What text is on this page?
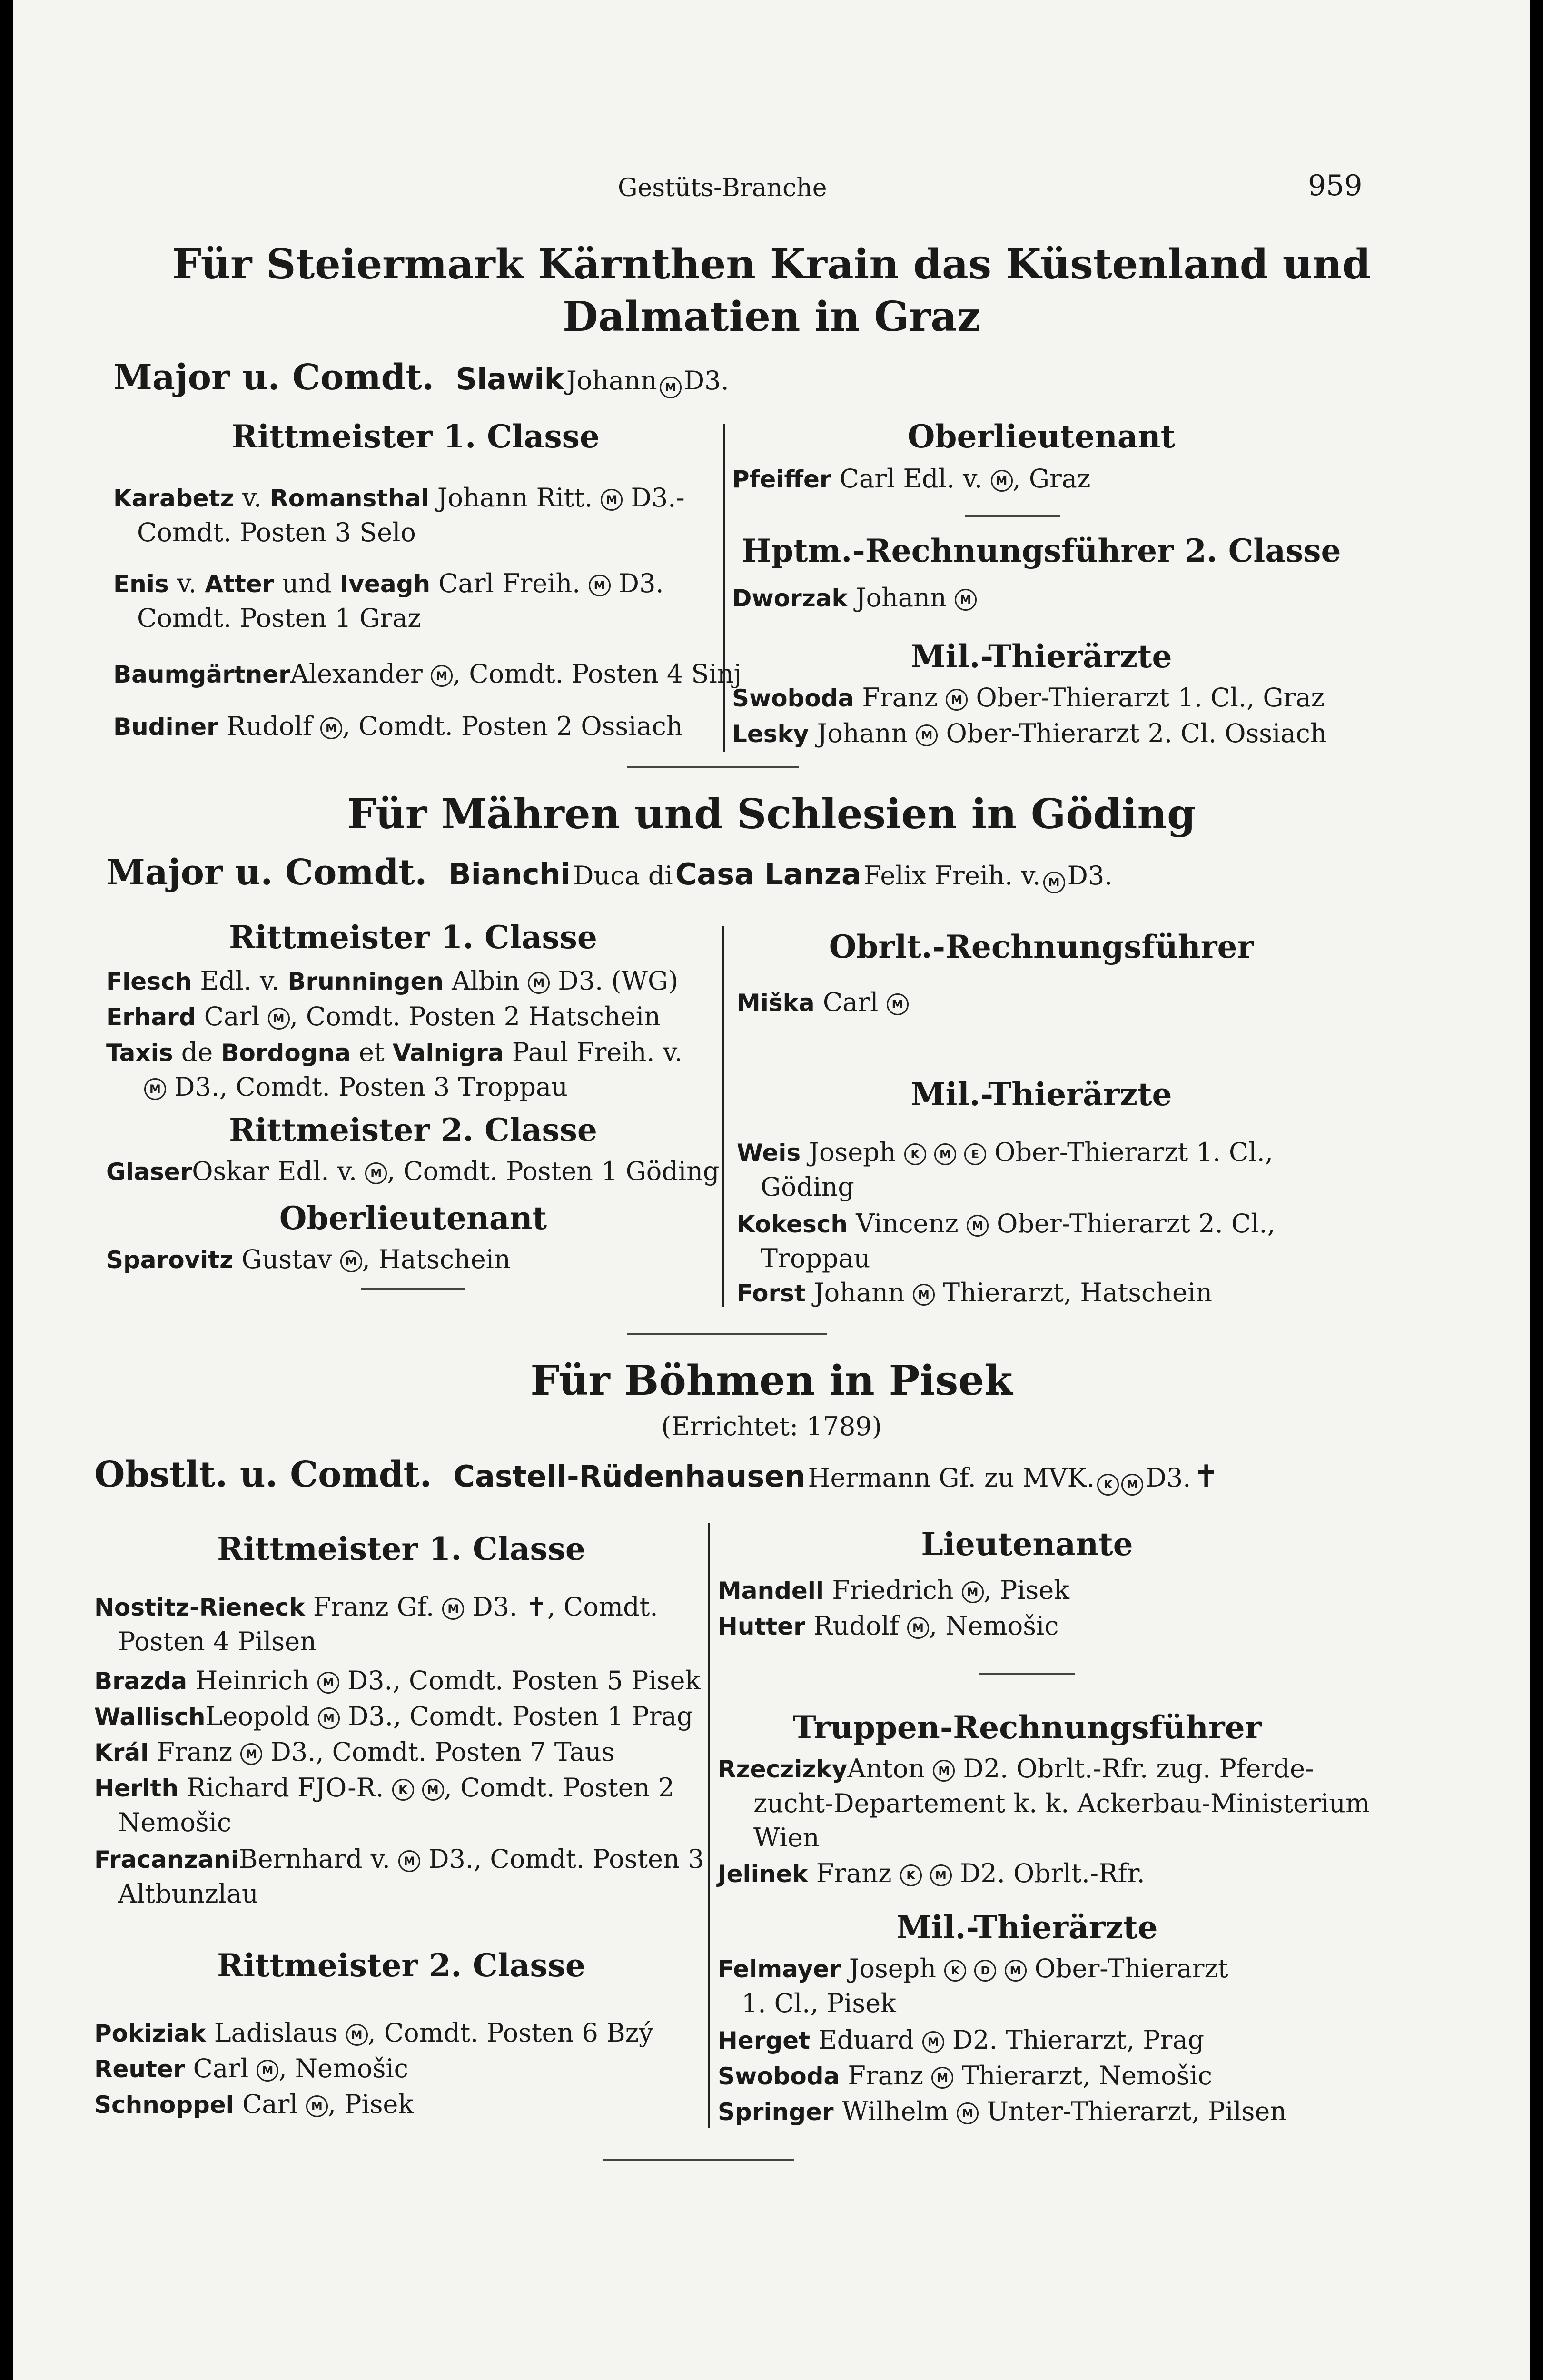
Gestüts-Branche	959
Für Steiermark Kärnthen Krain das Küstenland und
Dalmatien in Graz
Major u. Comdt. Slawik Johann M D3.
Rittmeister 1. Classe
Karabetz v. Romansthal Johann Ritt. M D3.-
Comdt. Posten 3 Selo
Enis v. Atter und Iveagh Carl Freih. M D3.
Comdt. Posten 1 Graz
BaumgärtnerAlexander M , Comdt. Posten 4 Sinj
Budiner Rudolf M , Comdt. Posten 2 Ossiach
Oberlieutenant
Pfeiffer Carl Edl. v. M , Graz
Hptm.-Rechnungsführer 2. Classe
Dworzak Johann M
Mil.-Thierärzte
Swoboda Franz M Ober-Thierarzt 1. Cl., Graz
Lesky Johann M Ober-Thierarzt 2. Cl. Ossiach
Für Mähren und Schlesien in Göding
Major u. Comdt. Bianchi Duca di Casa Lanza Felix Freih. v. M D3.
Rittmeister 1. Classe
Flesch Edl. v. Brunningen Albin M D3. (WG)
Erhard Carl M , Comdt. Posten 2 Hatschein
Taxis de Bordogna et Valnigra Paul Freih. v.
M D3., Comdt. Posten 3 Troppau
Rittmeister 2. Classe
GlaserOskar Edl. v. M , Comdt. Posten 1 Göding
Oberlieutenant
Sparovitz Gustav M , Hatschein
Obrlt.-Rechnungsführer
Miška Carl M
Mil.-Thierärzte
Weis Joseph K M E Ober-Thierarzt 1. Cl.,
Göding
Kokesch Vincenz M Ober-Thierarzt 2. Cl.,
Troppau
Forst Johann M Thierarzt, Hatschein
Für Böhmen in Pisek
(Errichtet: 1789)
Obstlt. u. Comdt. Castell-Rüdenhausen Hermann Gf. zu MVK. K M D3. ✝
Rittmeister 1. Classe
Nostitz-Rieneck Franz Gf. M D3. ✝, Comdt.
Posten 4 Pilsen
Brazda Heinrich M D3., Comdt. Posten 5 Pisek
WallischLeopold M D3., Comdt. Posten 1 Prag
Král Franz M D3., Comdt. Posten 7 Taus
Herlth Richard FJO-R. K M , Comdt. Posten 2
Nemošic
FracanzaniBernhard v. M D3., Comdt. Posten 3
Altbunzlau
Rittmeister 2. Classe
Pokiziak Ladislaus M , Comdt. Posten 6 Bzý
Reuter Carl M , Nemošic
Schnoppel Carl M , Pisek
Lieutenante
Mandell Friedrich M , Pisek
Hutter Rudolf M , Nemošic
Truppen-Rechnungsführer
RzeczizkyAnton M D2. Obrlt.-Rfr. zug. Pferde-
zucht-Departement k. k. Ackerbau-Ministerium
Wien
Jelinek Franz K M D2. Obrlt.-Rfr.
Mil.-Thierärzte
Felmayer Joseph K D M Ober-Thierarzt
1. Cl., Pisek
Herget Eduard M D2. Thierarzt, Prag
Swoboda Franz M Thierarzt, Nemošic
Springer Wilhelm M Unter-Thierarzt, Pilsen
